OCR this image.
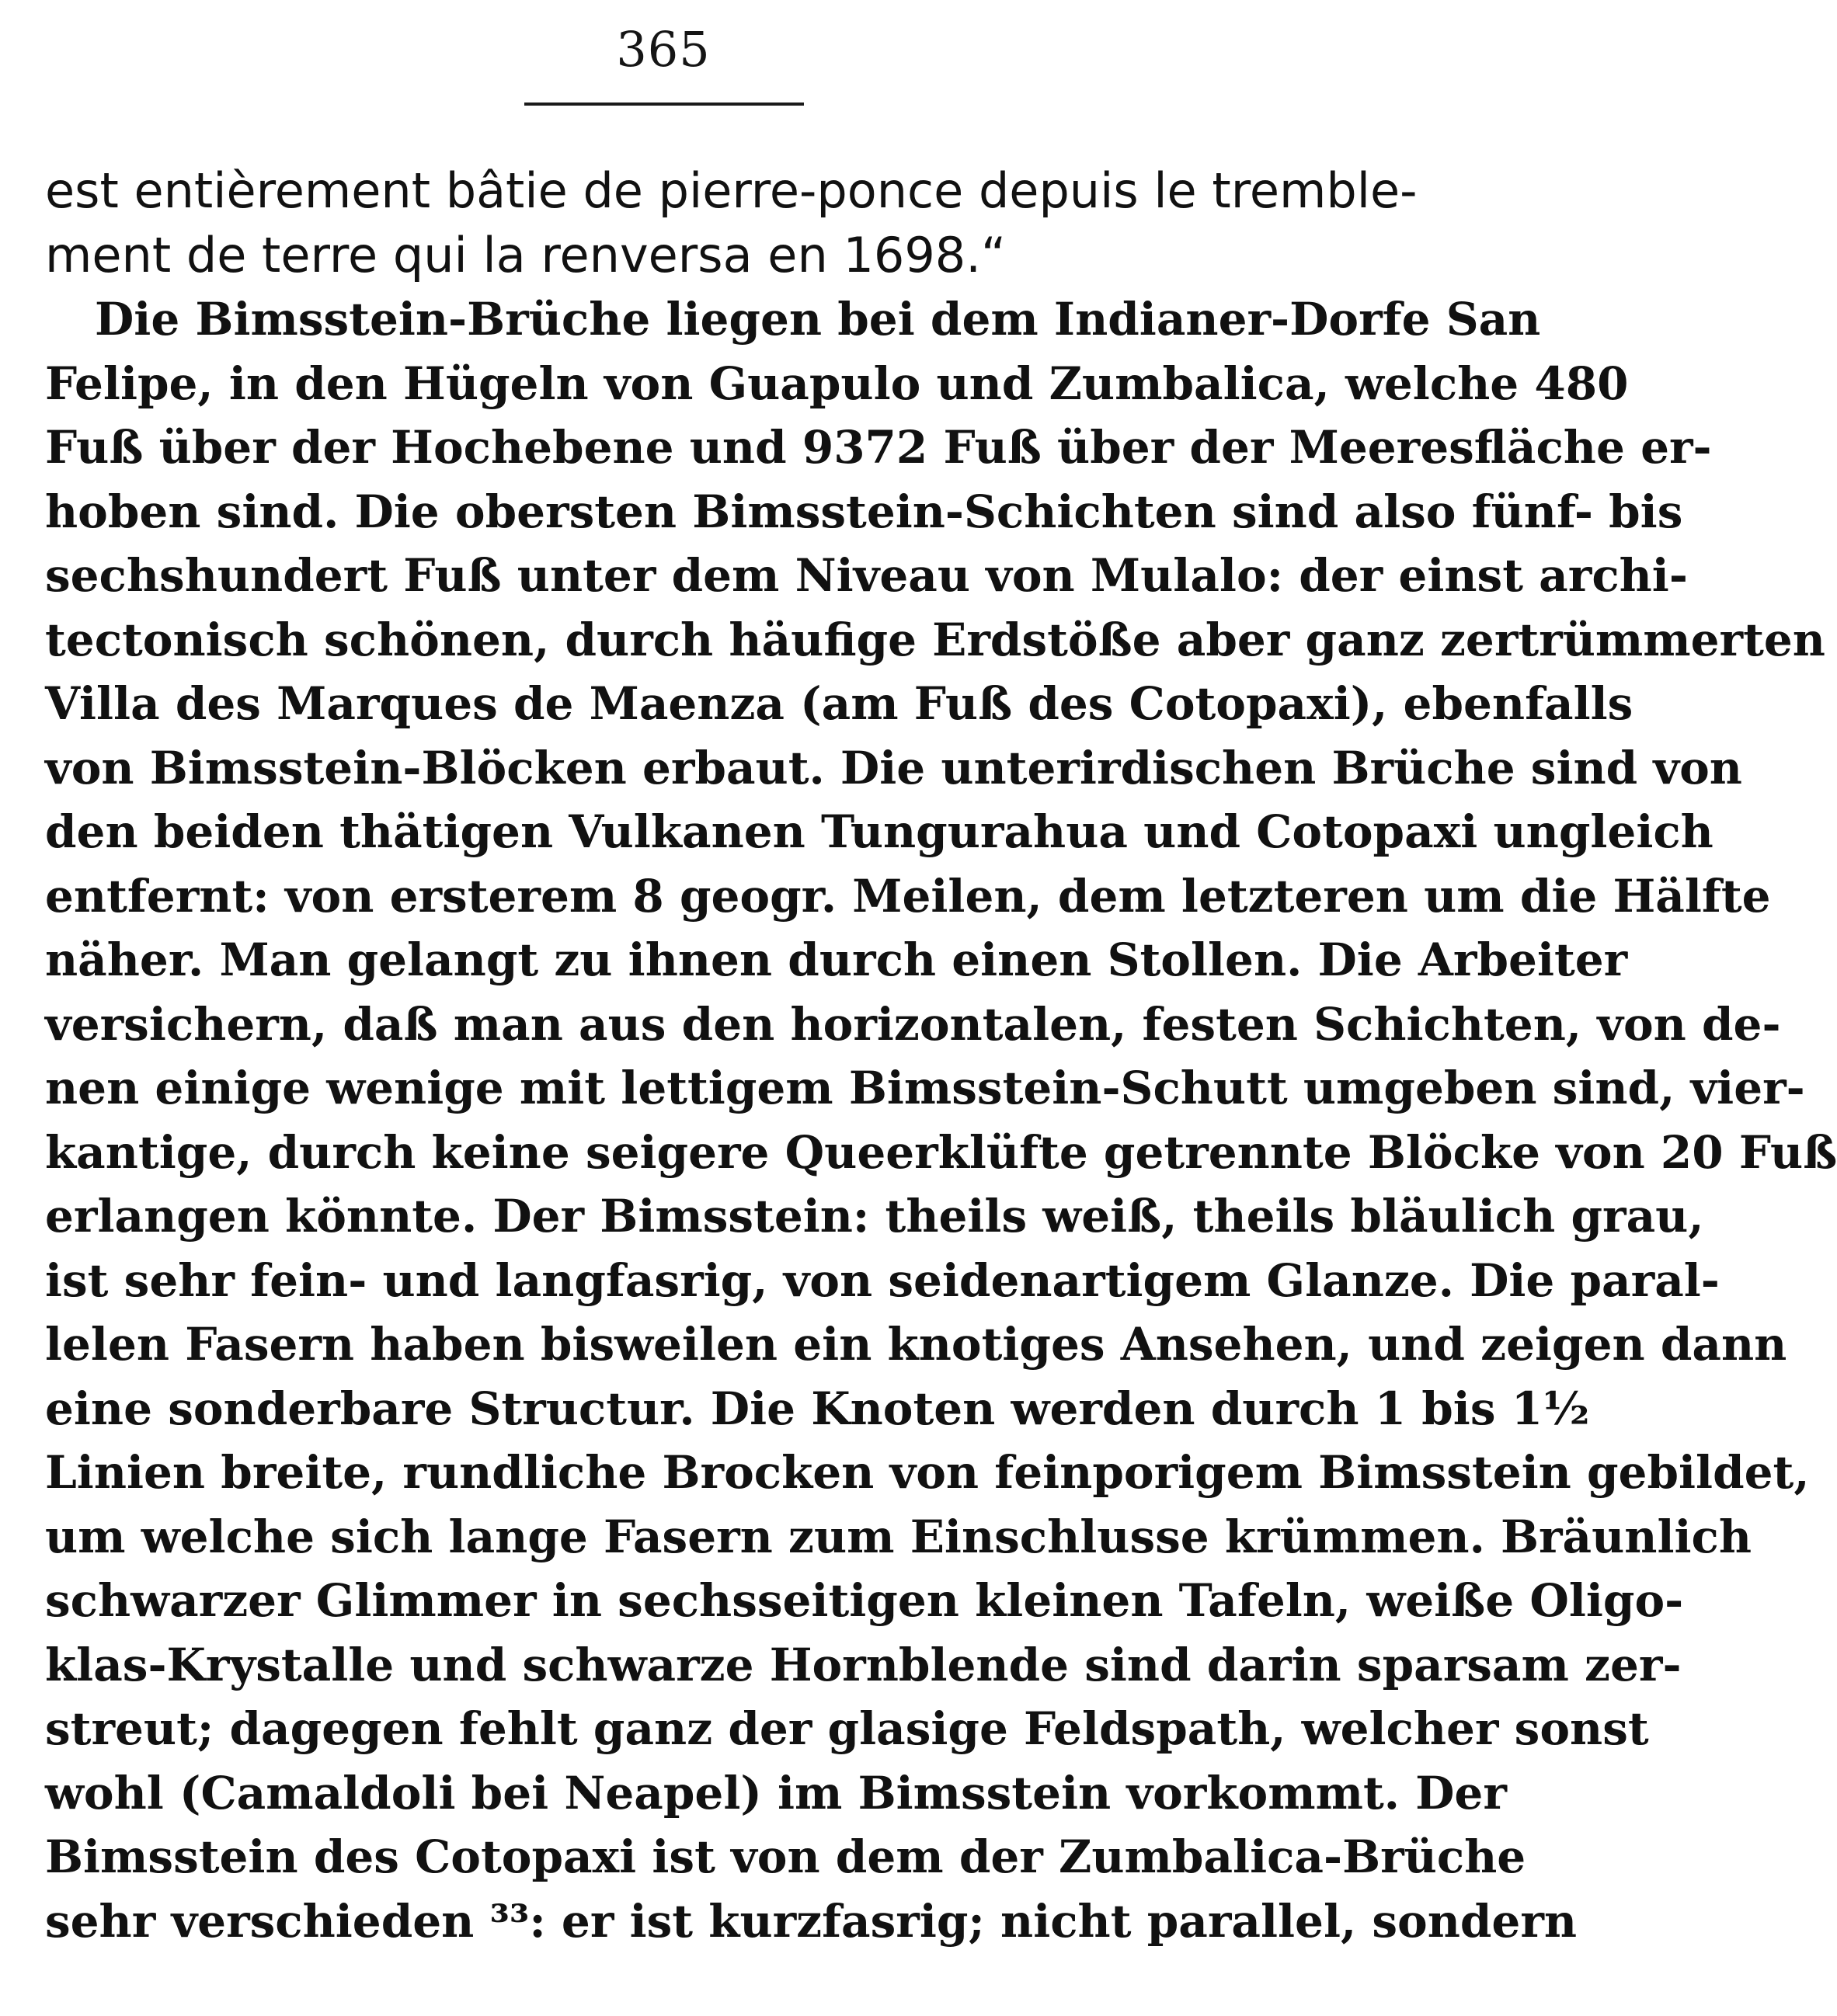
365
est entièrement bâtie de pierre-ponce depuis le tremble-
ment de terre qui la renversa en 1698.“
Die Bimsstein-Brüche liegen bei dem Indianer-Dorfe San
Felipe, in den Hügeln von Guapulo und Zumbalica, welche 480
Fuß über der Hochebene und 9372 Fuß über der Meeresfläche er-
hoben sind. Die obersten Bimsstein-Schichten sind also fünf- bis
sechshundert Fuß unter dem Niveau von Mulalo: der einst archi-
tectonisch schönen, durch häufige Erdstöße aber ganz zertrümmerten
Villa des Marques de Maenza (am Fuß des Cotopaxi), ebenfalls
von Bimsstein-Blöcken erbaut. Die unterirdischen Brüche sind von
den beiden thätigen Vulkanen Tungurahua und Cotopaxi ungleich
entfernt: von ersterem 8 geogr. Meilen, dem letzteren um die Hälfte
näher. Man gelangt zu ihnen durch einen Stollen. Die Arbeiter
versichern, daß man aus den horizontalen, festen Schichten, von de-
nen einige wenige mit lettigem Bimsstein-Schutt umgeben sind, vier-
kantige, durch keine seigere Queerklüfte getrennte Blöcke von 20 Fuß
erlangen könnte. Der Bimsstein: theils weiß, theils bläulich grau,
ist sehr fein- und langfasrig, von seidenartigem Glanze. Die paral-
lelen Fasern haben bisweilen ein knotiges Ansehen, und zeigen dann
eine sonderbare Structur. Die Knoten werden durch 1 bis 1½
Linien breite, rundliche Brocken von feinporigem Bimsstein gebildet,
um welche sich lange Fasern zum Einschlusse krümmen. Bräunlich
schwarzer Glimmer in sechsseitigen kleinen Tafeln, weiße Oligo-
klas-Krystalle und schwarze Hornblende sind darin sparsam zer-
streut; dagegen fehlt ganz der glasige Feldspath, welcher sonst
wohl (Camaldoli bei Neapel) im Bimsstein vorkommt. Der
Bimsstein des Cotopaxi ist von dem der Zumbalica-Brüche
sehr verschieden ³³: er ist kurzfasrig; nicht parallel, sondern
